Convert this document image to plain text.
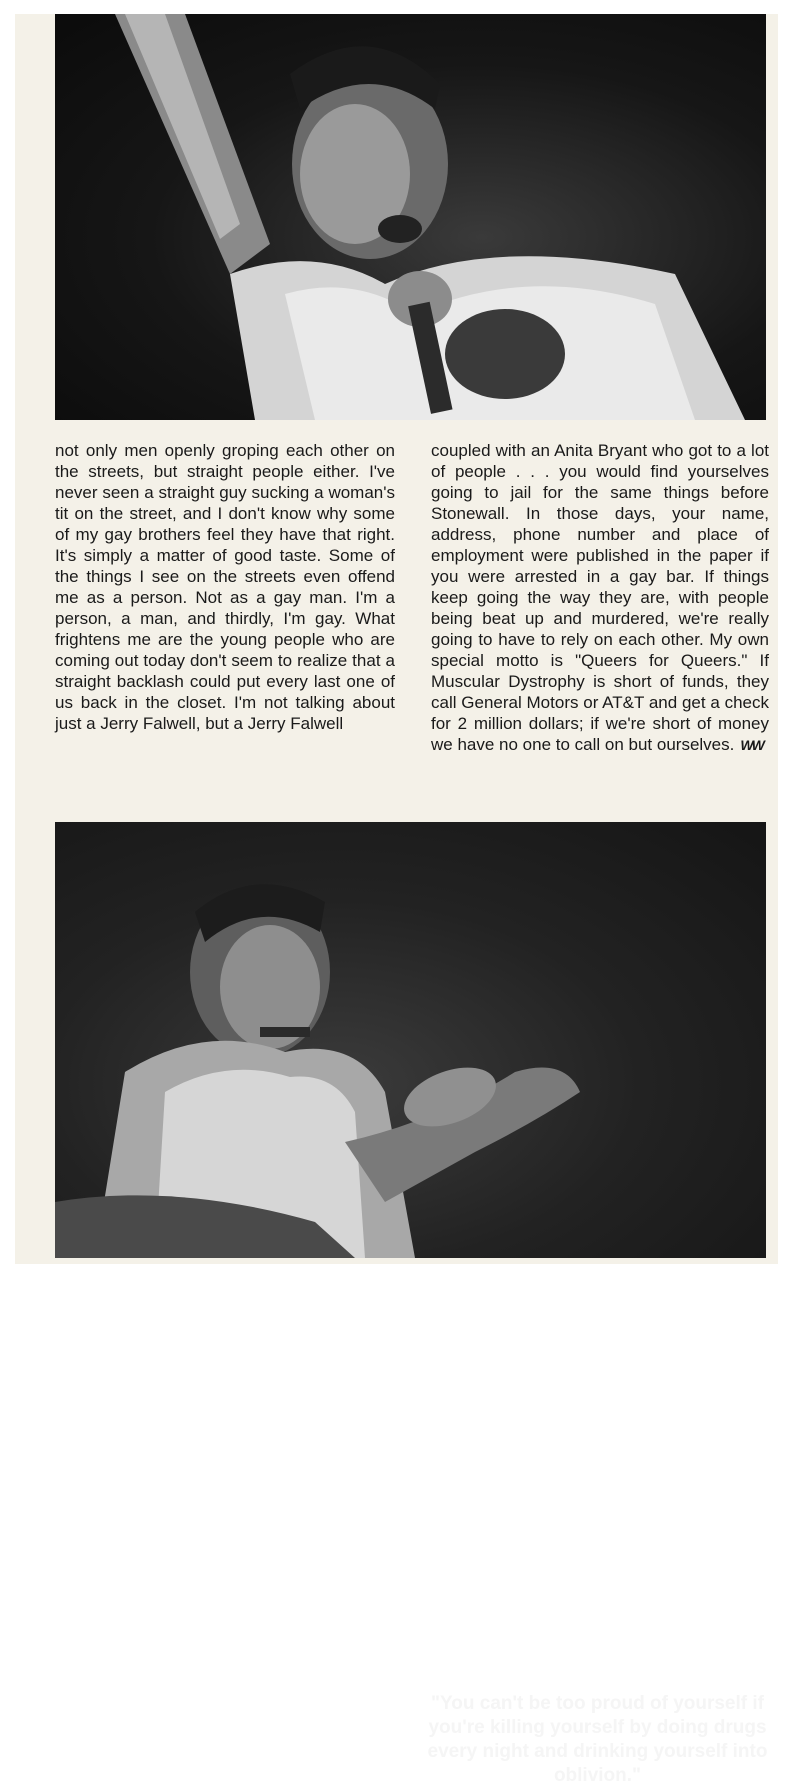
not only men openly groping each other on the streets, but straight people either. I've never seen a straight guy sucking a woman's tit on the street, and I don't know why some of my gay brothers feel they have that right. It's simply a matter of good taste. Some of the things I see on the streets even offend me as a person. Not as a gay man. I'm a person, a man, and thirdly, I'm gay. What frightens me are the young people who are coming out today don't seem to realize that a straight backlash could put every last one of us back in the closet. I'm not talking about just a Jerry Falwell, but a Jerry Falwell

coupled with an Anita Bryant who got to a lot of people . . . you would find yourselves going to jail for the same things before Stonewall. In those days, your name, address, phone number and place of employment were published in the paper if you were arrested in a gay bar. If things keep going the way they are, with people being beat up and murdered, we're really going to have to rely on each other. My own special motto is "Queers for Queers." If Muscular Dystrophy is short of funds, they call General Motors or AT&T and get a check for 2 million dollars; if we're short of money we have no one to call on but ourselves. WW

"You can't be too proud of yourself if you're killing yourself by doing drugs every night and drinking yourself into oblivion."
